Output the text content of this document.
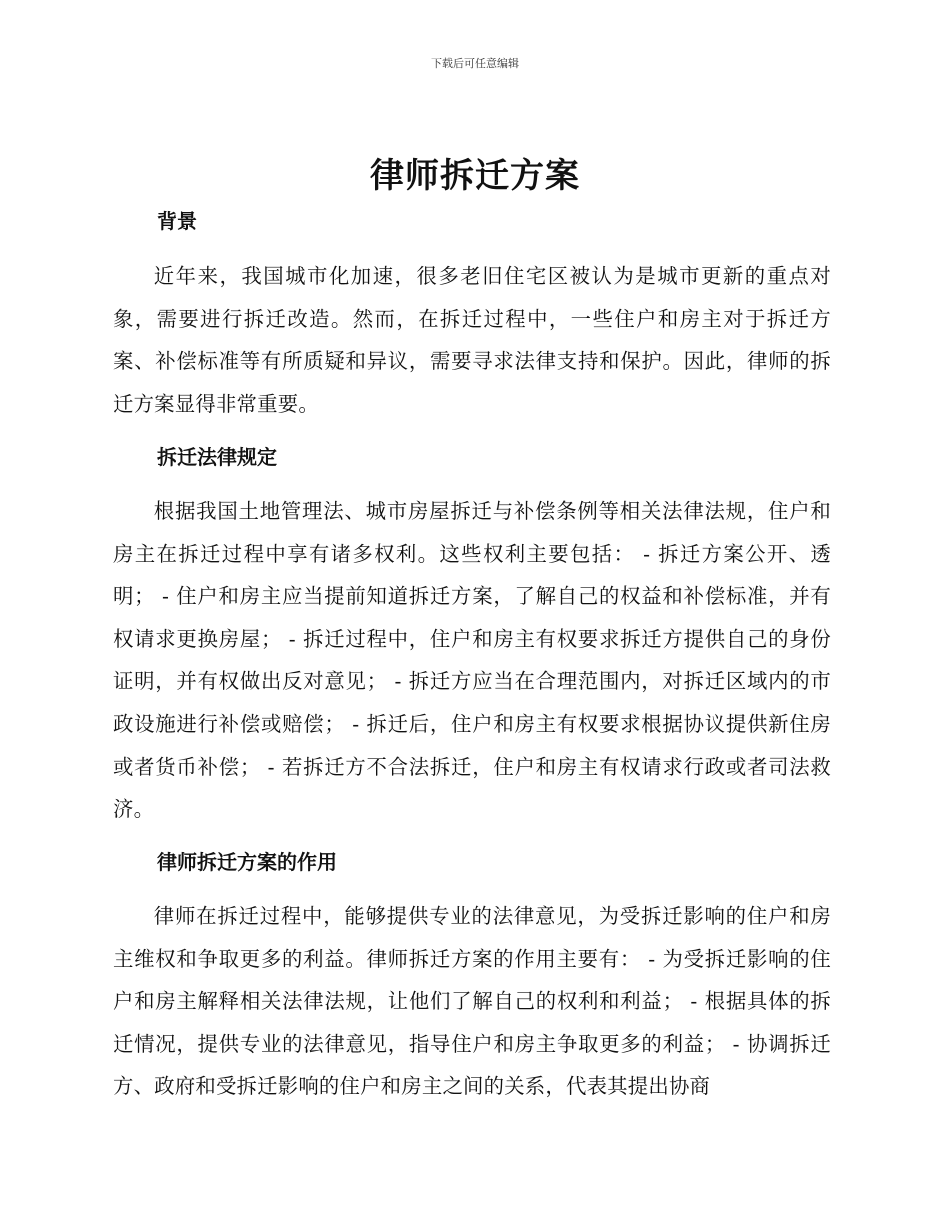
下载后可任意编辑
律师拆迁方案
背景

近年来，我国城市化加速，很多老旧住宅区被认为是城市更新的重点对象，需要进行拆迁改造。然而，在拆迁过程中，一些住户和房主对于拆迁方案、补偿标准等有所质疑和异议，需要寻求法律支持和保护。因此，律师的拆迁方案显得非常重要。

拆迁法律规定

根据我国土地管理法、城市房屋拆迁与补偿条例等相关法律法规，住户和房主在拆迁过程中享有诸多权利。这些权利主要包括： - 拆迁方案公开、透明； - 住户和房主应当提前知道拆迁方案，了解自己的权益和补偿标准，并有权请求更换房屋； - 拆迁过程中，住户和房主有权要求拆迁方提供自己的身份证明，并有权做出反对意见； - 拆迁方应当在合理范围内，对拆迁区域内的市政设施进行补偿或赔偿； - 拆迁后，住户和房主有权要求根据协议提供新住房或者货币补偿； - 若拆迁方不合法拆迁，住户和房主有权请求行政或者司法救济。

律师拆迁方案的作用

律师在拆迁过程中，能够提供专业的法律意见，为受拆迁影响的住户和房主维权和争取更多的利益。律师拆迁方案的作用主要有： - 为受拆迁影响的住户和房主解释相关法律法规，让他们了解自己的权利和利益； - 根据具体的拆迁情况，提供专业的法律意见，指导住户和房主争取更多的利益； - 协调拆迁方、政府和受拆迁影响的住户和房主之间的关系，代表其提出协商
